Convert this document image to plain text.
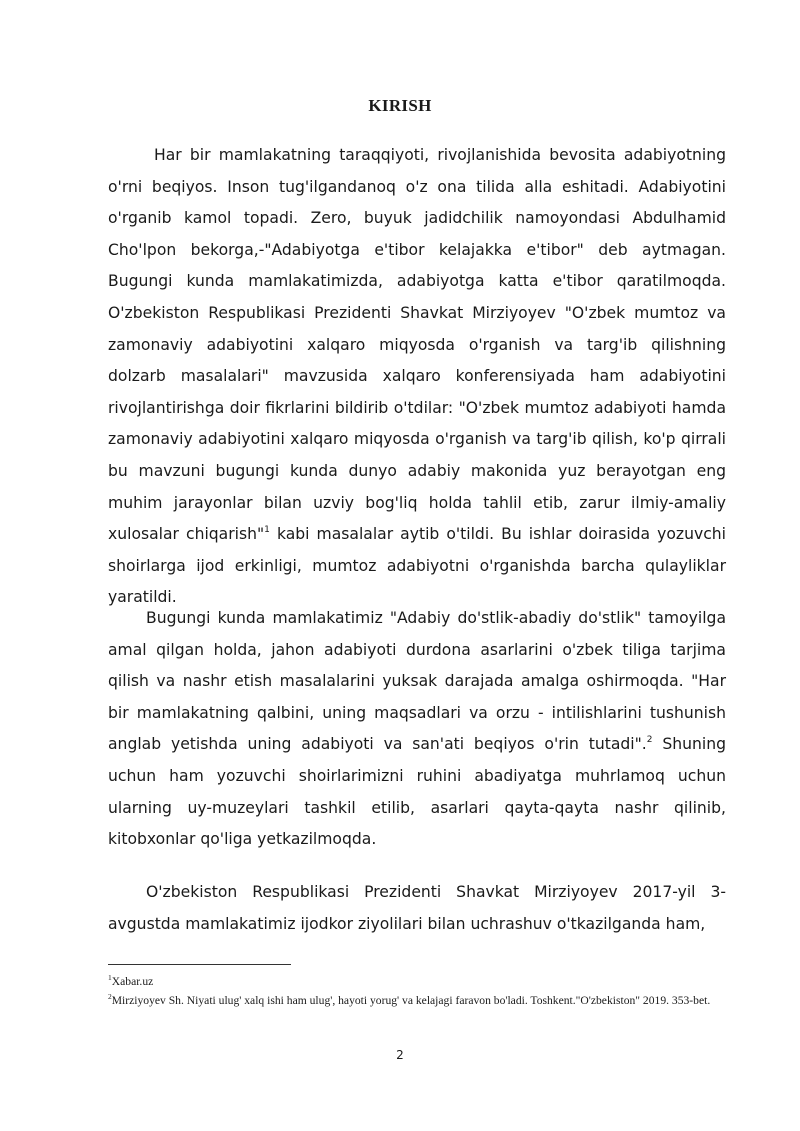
KIRISH

Har bir mamlakatning taraqqiyoti, rivojlanishida bevosita adabiyotning o'rni beqiyos. Inson tug'ilgandanoq o'z ona tilida alla eshitadi. Adabiyotini o'rganib kamol topadi. Zero, buyuk jadidchilik namoyondasi Abdulhamid Cho'lpon bekorga,-"Adabiyotga e'tibor kelajakka e'tibor" deb aytmagan. Bugungi kunda mamlakatimizda, adabiyotga katta e'tibor qaratilmoqda. O'zbekiston Respublikasi Prezidenti Shavkat Mirziyoyev "O'zbek mumtoz va zamonaviy adabiyotini xalqaro miqyosda o'rganish va targ'ib qilishning dolzarb masalalari" mavzusida xalqaro konferensiyada ham adabiyotini rivojlantirishga doir fikrlarini bildirib o'tdilar: "O'zbek mumtoz adabiyoti hamda zamonaviy adabiyotini xalqaro miqyosda o'rganish va targ'ib qilish, ko'p qirrali bu mavzuni bugungi kunda dunyo adabiy makonida yuz berayotgan eng muhim jarayonlar bilan uzviy bog'liq holda tahlil etib, zarur ilmiy-amaliy xulosalar chiqarish"$^1$ kabi masalalar aytib o'tildi. Bu ishlar doirasida yozuvchi shoirlarga ijod erkinligi, mumtoz adabiyotni o'rganishda barcha qulayliklar yaratildi.

Bugungi kunda mamlakatimiz "Adabiy do'stlik-abadiy do'stlik" tamoyilga amal qilgan holda, jahon adabiyoti durdona asarlarini o'zbek tiliga tarjima qilish va nashr etish masalalarini yuksak darajada amalga oshirmoqda. "Har bir mamlakatning qalbini, uning maqsadlari va orzu - intilishlarini tushunish anglab yetishda uning adabiyoti va san'ati beqiyos o'rin tutadi".$^2$ Shuning uchun ham yozuvchi shoirlarimizni ruhini abadiyatga muhrlamoq uchun ularning uy-muzeylari tashkil etilib, asarlari qayta-qayta nashr qilinib, kitobxonlar qo'liga yetkazilmoqda.

O'zbekiston Respublikasi Prezidenti Shavkat Mirziyoyev 2017-yil 3-avgustda mamlakatimiz ijodkor ziyolilari bilan uchrashuv o'tkazilganda ham,

$^1$Xabar.uz

$^2$Mirziyoyev Sh. Niyati ulug' xalq ishi ham ulug', hayoti yorug' va kelajagi faravon bo'ladi. Toshkent."O'zbekiston" 2019. 353-bet.

2
